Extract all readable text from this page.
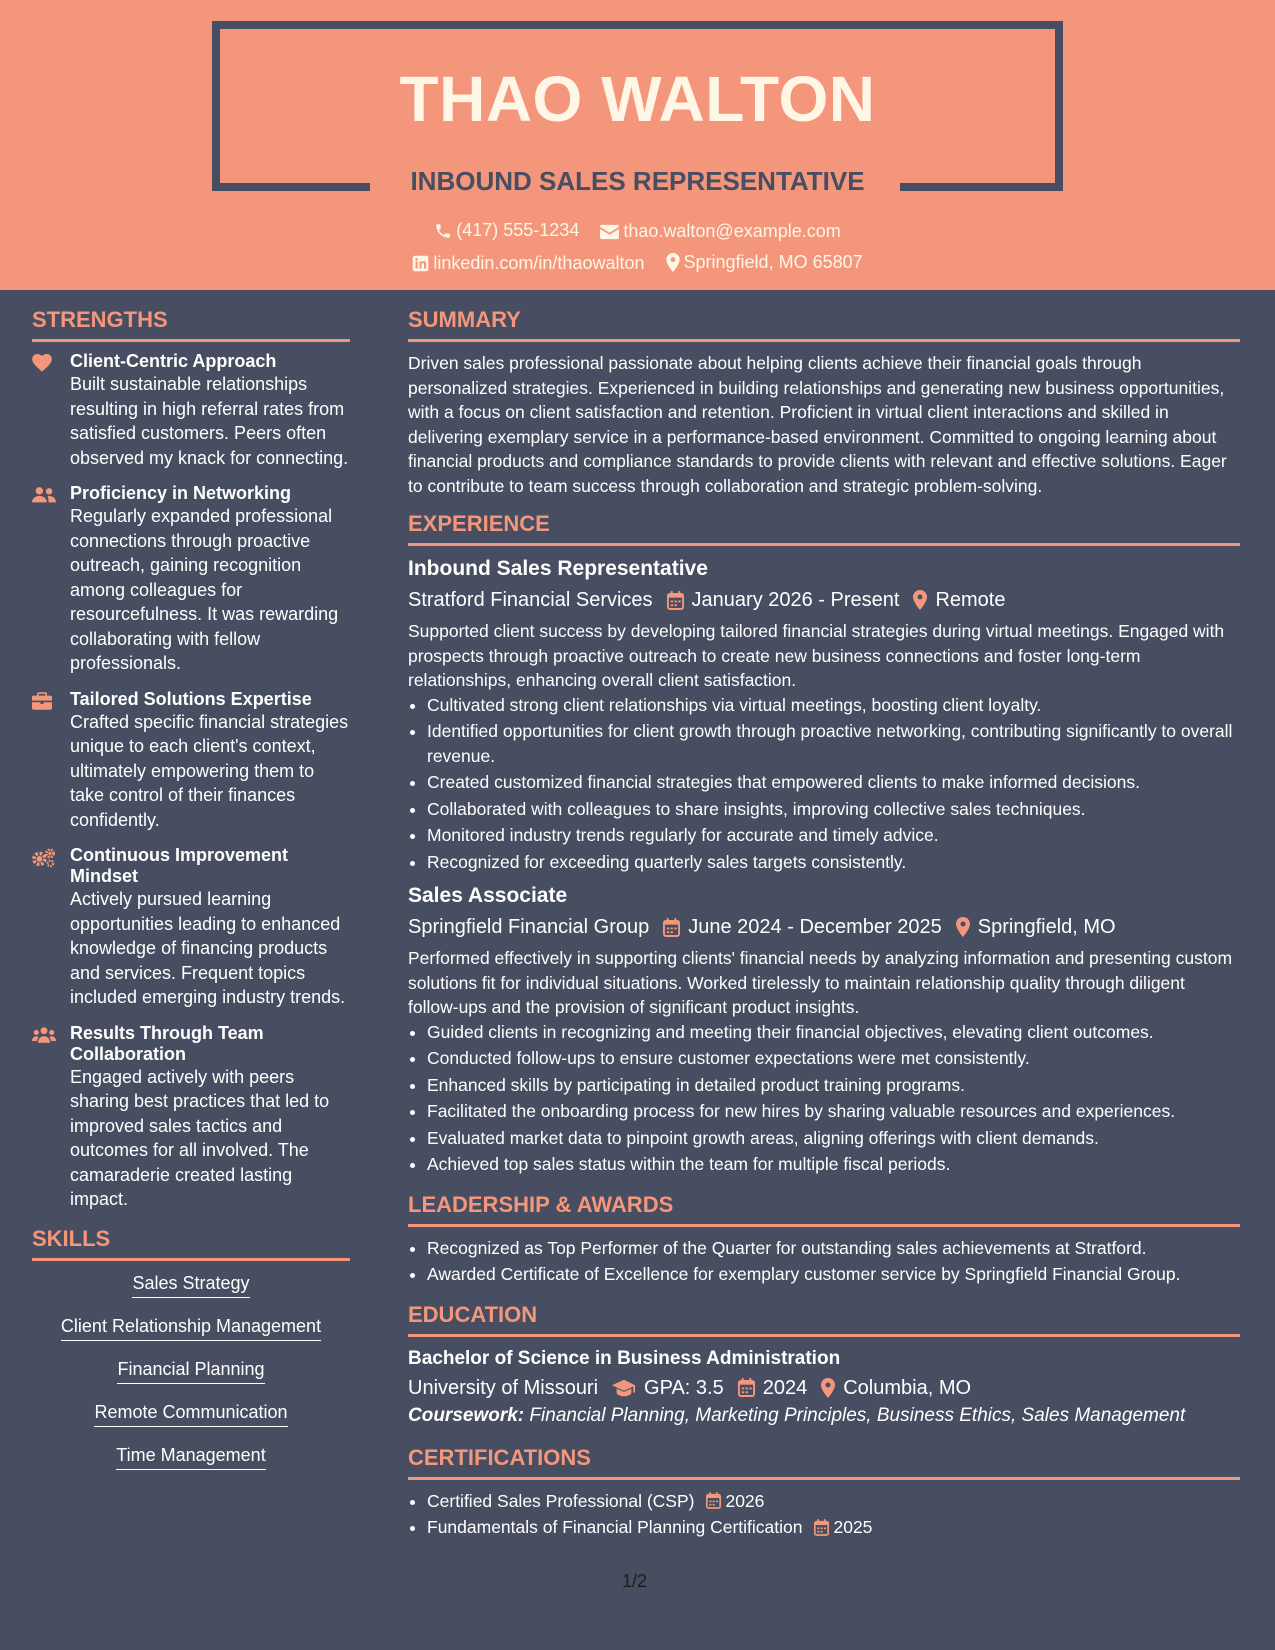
THAO WALTON
INBOUND SALES REPRESENTATIVE
(417) 555-1234
thao.walton@example.com
linkedin.com/in/thaowalton
Springfield, MO 65807
STRENGTHS
Client-Centric Approach
Built sustainable relationships resulting in high referral rates from satisfied customers. Peers often observed my knack for connecting.
Proficiency in Networking
Regularly expanded professional connections through proactive outreach, gaining recognition among colleagues for resourcefulness. It was rewarding collaborating with fellow professionals.
Tailored Solutions Expertise
Crafted specific financial strategies unique to each client's context, ultimately empowering them to take control of their finances confidently.
Continuous Improvement Mindset
Actively pursued learning opportunities leading to enhanced knowledge of financing products and services. Frequent topics included emerging industry trends.
Results Through Team Collaboration
Engaged actively with peers sharing best practices that led to improved sales tactics and outcomes for all involved. The camaraderie created lasting impact.
SKILLS
Sales Strategy
Client Relationship Management
Financial Planning
Remote Communication
Time Management
SUMMARY

Driven sales professional passionate about helping clients achieve their financial goals through personalized strategies. Experienced in building relationships and generating new business opportunities, with a focus on client satisfaction and retention. Proficient in virtual client interactions and skilled in delivering exemplary service in a performance-based environment. Committed to ongoing learning about financial products and compliance standards to provide clients with relevant and effective solutions. Eager to contribute to team success through collaboration and strategic problem-solving.

EXPERIENCE
Inbound Sales Representative
Stratford Financial Services January 2026 - Present Remote

Supported client success by developing tailored financial strategies during virtual meetings. Engaged with prospects through proactive outreach to create new business connections and foster long-term relationships, enhancing overall client satisfaction.

• Cultivated strong client relationships via virtual meetings, boosting client loyalty.
• Identified opportunities for client growth through proactive networking, contributing significantly to overall revenue.
• Created customized financial strategies that empowered clients to make informed decisions.
• Collaborated with colleagues to share insights, improving collective sales techniques.
• Monitored industry trends regularly for accurate and timely advice.
• Recognized for exceeding quarterly sales targets consistently.
Sales Associate
Springfield Financial Group June 2024 - December 2025 Springfield, MO

Performed effectively in supporting clients' financial needs by analyzing information and presenting custom solutions fit for individual situations. Worked tirelessly to maintain relationship quality through diligent follow-ups and the provision of significant product insights.

• Guided clients in recognizing and meeting their financial objectives, elevating client outcomes.
• Conducted follow-ups to ensure customer expectations were met consistently.
• Enhanced skills by participating in detailed product training programs.
• Facilitated the onboarding process for new hires by sharing valuable resources and experiences.
• Evaluated market data to pinpoint growth areas, aligning offerings with client demands.
• Achieved top sales status within the team for multiple fiscal periods.
LEADERSHIP & AWARDS
• Recognized as Top Performer of the Quarter for outstanding sales achievements at Stratford.
• Awarded Certificate of Excellence for exemplary customer service by Springfield Financial Group.
EDUCATION
Bachelor of Science in Business Administration
University of Missouri GPA: 3.5 2024 Columbia, MO
Coursework: Financial Planning, Marketing Principles, Business Ethics, Sales Management
CERTIFICATIONS
• Certified Sales Professional (CSP) 2026
• Fundamentals of Financial Planning Certification 2025
1/2
